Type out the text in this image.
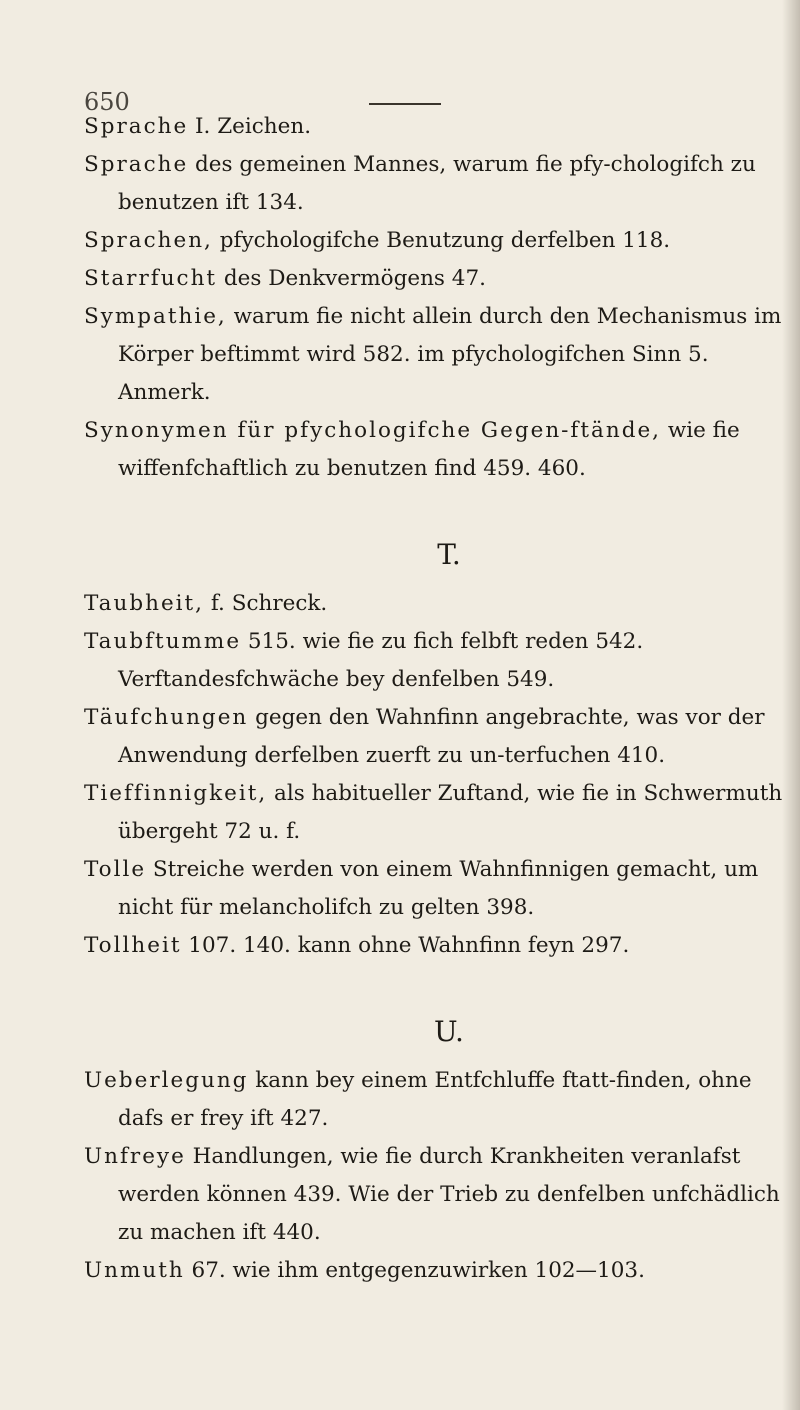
650
Sprache I. Zeichen.
Sprache des gemeinen Mannes, warum fie pfy-chologifch zu benutzen ift 134.
Sprachen, pfychologifche Benutzung derfelben 118.
Starrfucht des Denkvermögens 47.
Sympathie, warum fie nicht allein durch den Mechanismus im Körper beftimmt wird 582. im pfychologifchen Sinn 5. Anmerk.
Synonymen für pfychologifche Gegen-ftände, wie fie wiffenfchaftlich zu benutzen find 459. 460.
T.
Taubheit, f. Schreck.
Taubftumme 515. wie fie zu fich felbft reden 542. Verftandesfchwäche bey denfelben 549.
Täufchungen gegen den Wahnfinn angebrachte, was vor der Anwendung derfelben zuerft zu un-terfuchen 410.
Tieffinnigkeit, als habitueller Zuftand, wie fie in Schwermuth übergeht 72 u. f.
Tolle Streiche werden von einem Wahnfinnigen gemacht, um nicht für melancholifch zu gelten 398.
Tollheit 107. 140. kann ohne Wahnfinn feyn 297.
U.
Ueberlegung kann bey einem Entfchluffe ftatt-finden, ohne dafs er frey ift 427.
Unfreye Handlungen, wie fie durch Krankheiten veranlafst werden können 439. Wie der Trieb zu denfelben unfchädlich zu machen ift 440.
Unmuth 67. wie ihm entgegenzuwirken 102—103.
